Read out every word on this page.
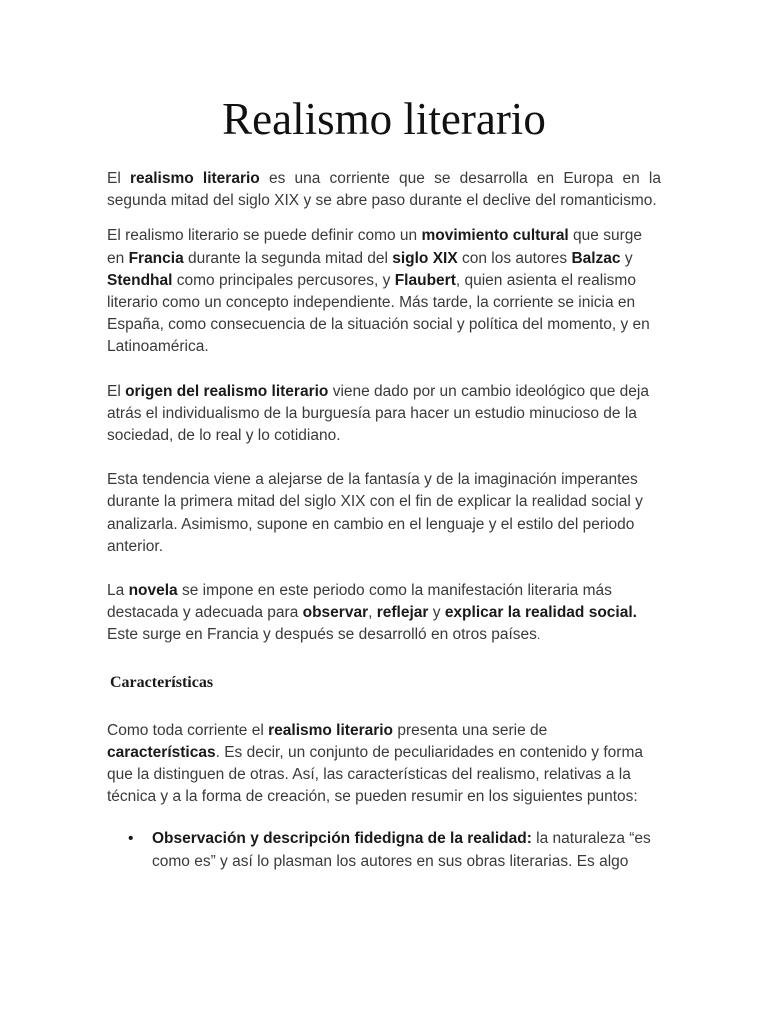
Realismo literario

El realismo literario es una corriente que se desarrolla en Europa en la segunda mitad del siglo XIX y se abre paso durante el declive del romanticismo.

El realismo literario se puede definir como un movimiento cultural que surge en Francia durante la segunda mitad del siglo XIX con los autores Balzac y Stendhal como principales percusores, y Flaubert, quien asienta el realismo literario como un concepto independiente. Más tarde, la corriente se inicia en España, como consecuencia de la situación social y política del momento, y en Latinoamérica.

El origen del realismo literario viene dado por un cambio ideológico que deja atrás el individualismo de la burguesía para hacer un estudio minucioso de la sociedad, de lo real y lo cotidiano.

Esta tendencia viene a alejarse de la fantasía y de la imaginación imperantes durante la primera mitad del siglo XIX con el fin de explicar la realidad social y analizarla. Asimismo, supone en cambio en el lenguaje y el estilo del periodo anterior.

La novela se impone en este periodo como la manifestación literaria más destacada y adecuada para observar, reflejar y explicar la realidad social. Este surge en Francia y después se desarrolló en otros países.

Características

Como toda corriente el realismo literario presenta una serie de características. Es decir, un conjunto de peculiaridades en contenido y forma que la distinguen de otras. Así, las características del realismo, relativas a la técnica y a la forma de creación, se pueden resumir en los siguientes puntos:

• Observación y descripción fidedigna de la realidad: la naturaleza “es como es” y así lo plasman los autores en sus obras literarias. Es algo
